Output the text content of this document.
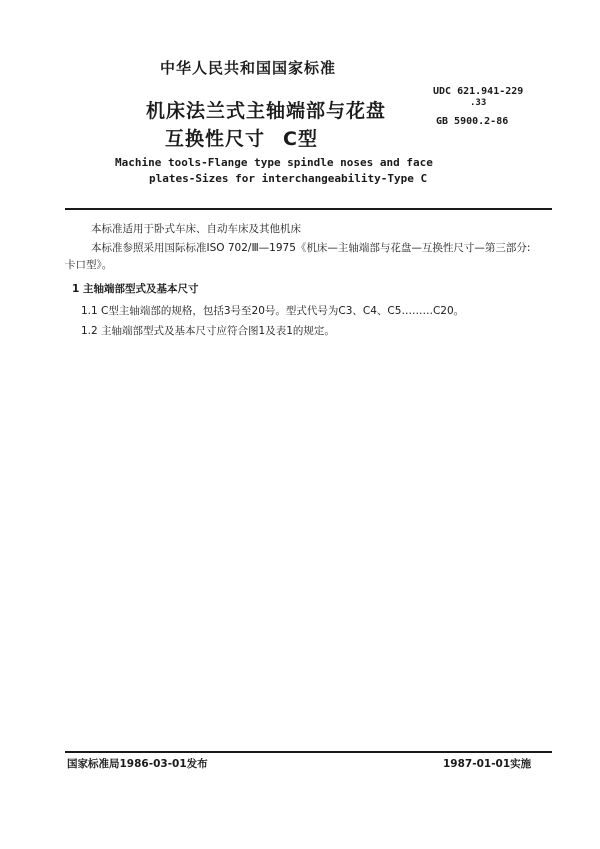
中华人民共和国国家标准
UDC 621.941-229
.33
GB 5900.2-86
机床法兰式主轴端部与花盘
互换性尺寸 C型
Machine tools-Flange type spindle noses and face
plates-Sizes for interchangeability-Type C
本标准适用于卧式车床、自动车床及其他机床
本标准参照采用国际标准ISO 702/Ⅲ—1975《机床—主轴端部与花盘—互换性尺寸—第三部分:
卡口型》。
1 主轴端部型式及基本尺寸
1.1 C型主轴端部的规格，包括3号至20号。型式代号为C3、C4、C5………C20。
1.2 主轴端部型式及基本尺寸应符合图1及表1的规定。
国家标准局1986-03-01发布	1987-01-01实施
